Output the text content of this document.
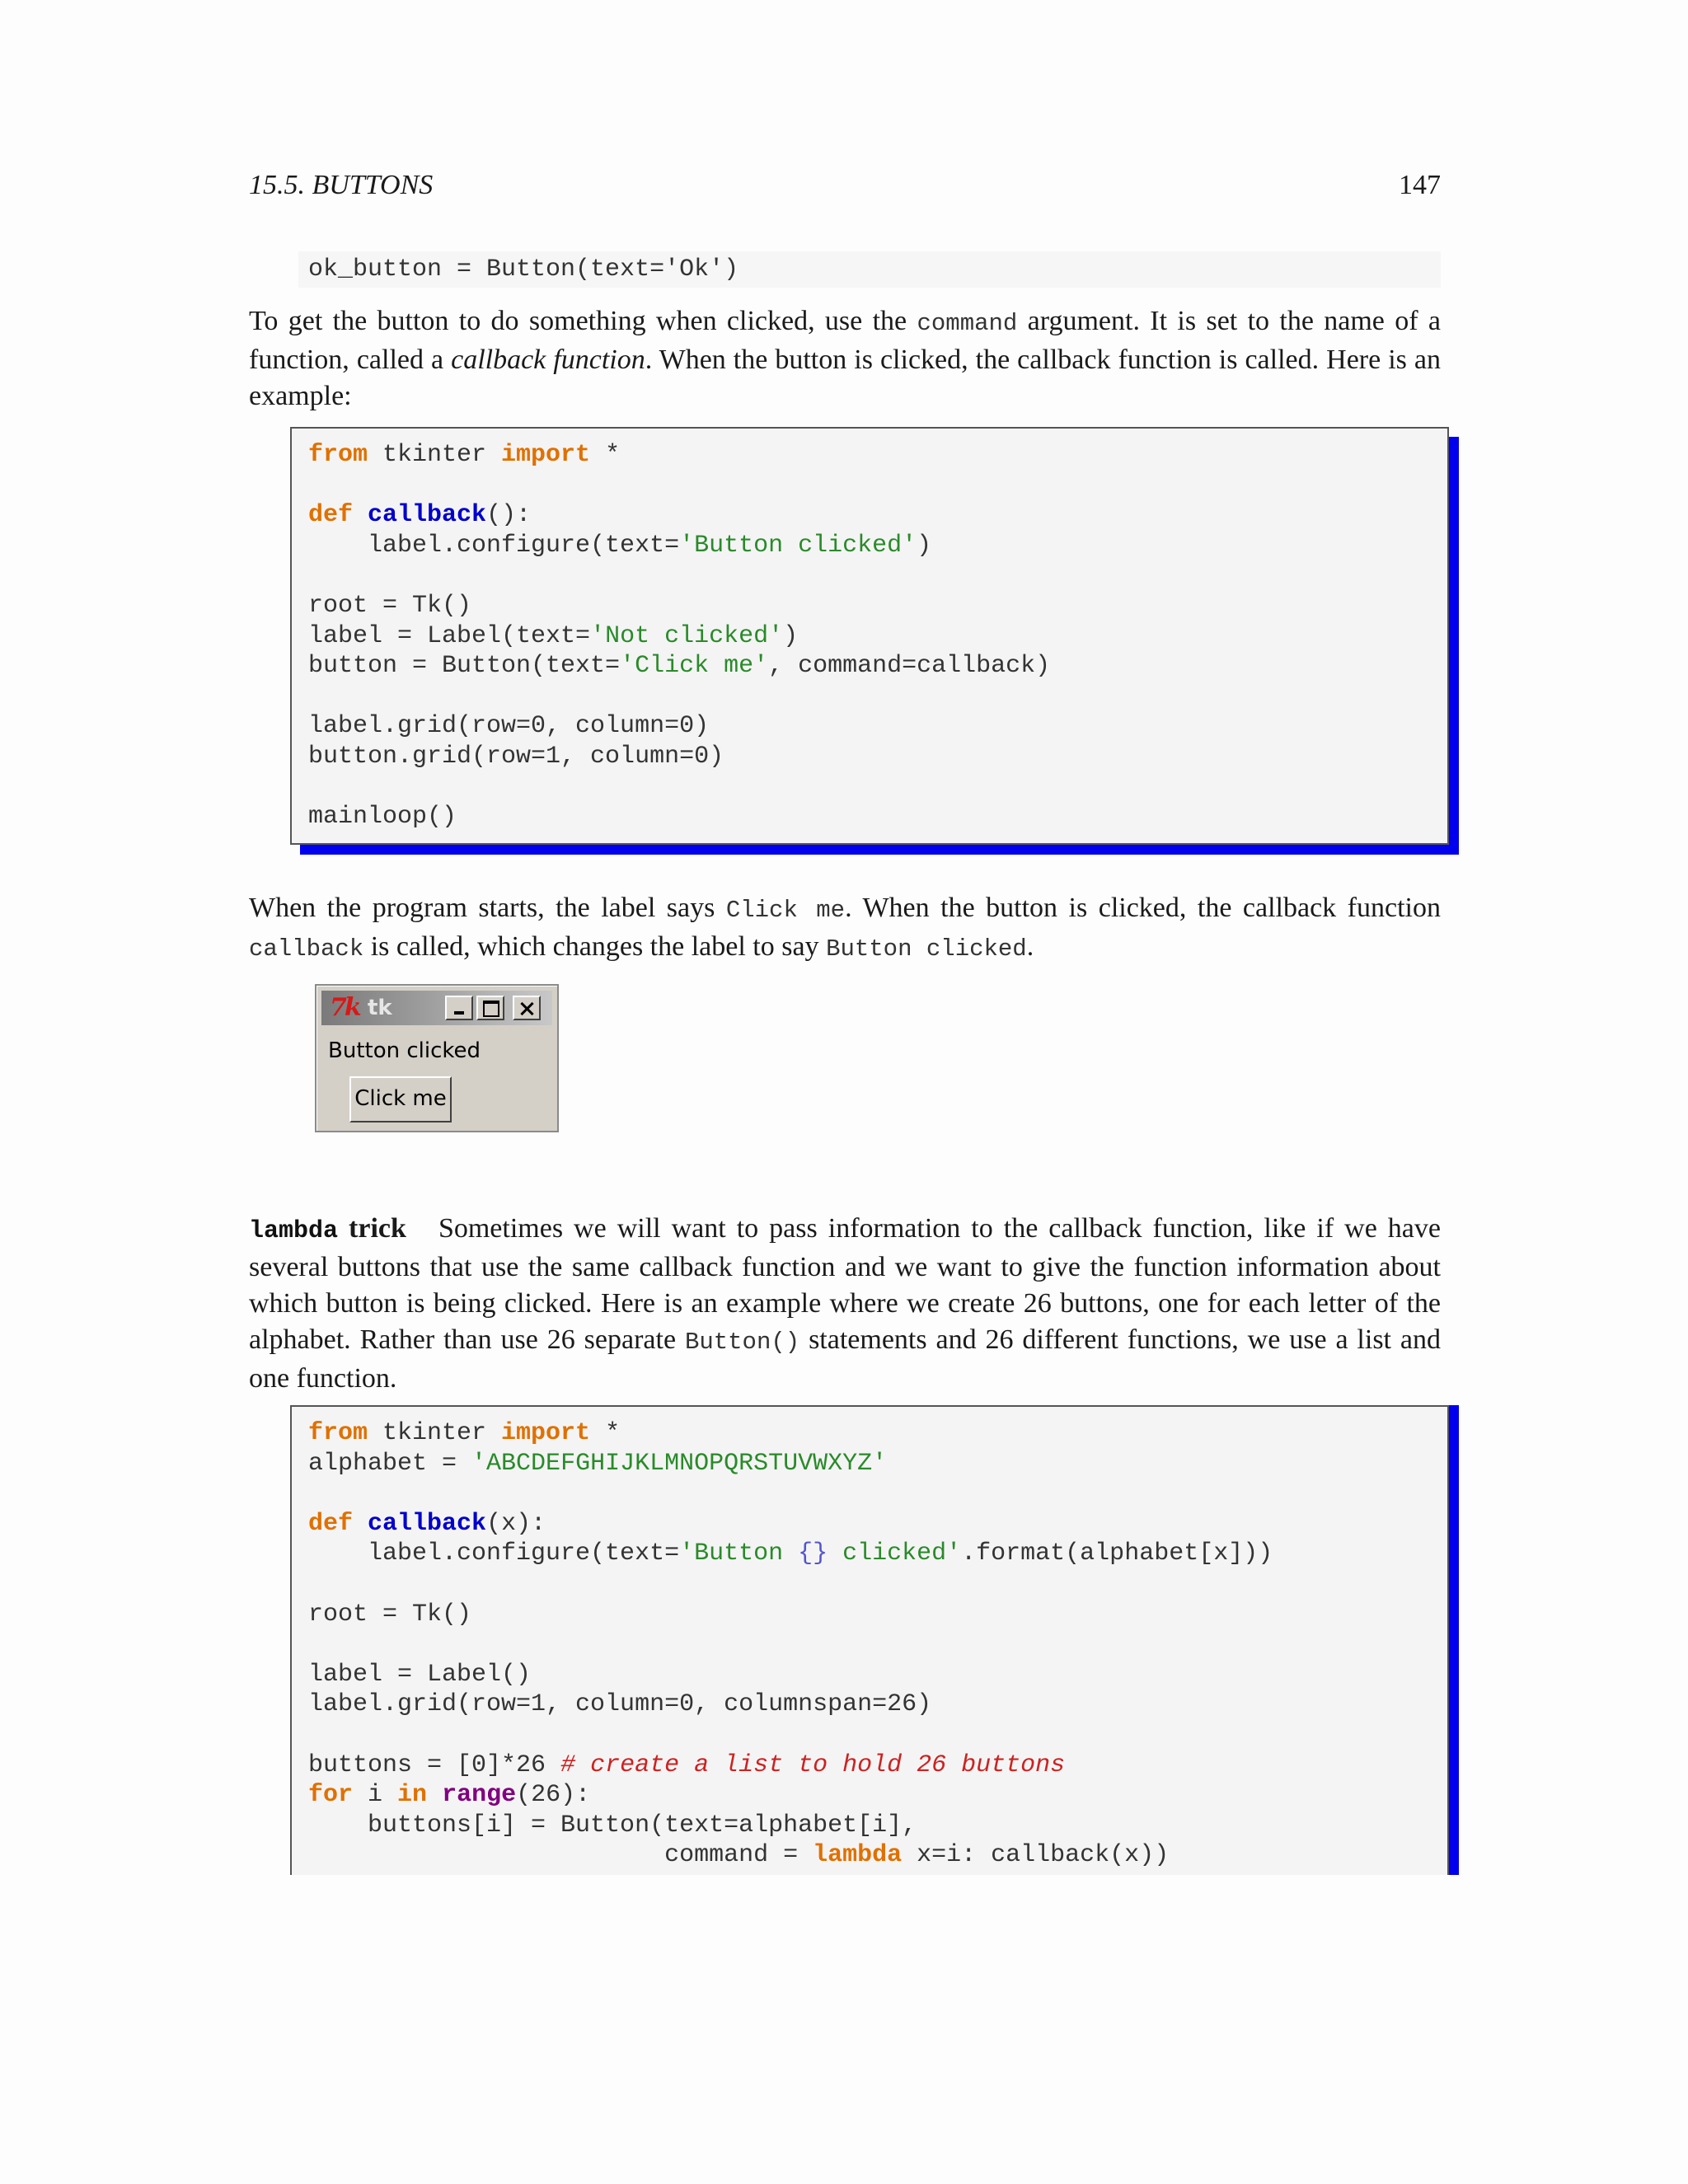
15.5. BUTTONS	147
ok_button = Button(text='Ok')

To get the button to do something when clicked, use the command argument. It is set to the name of a function, called a callback function. When the button is clicked, the callback function is called. Here is an example:

from tkinter import *
def callback():
label.configure(text='Button clicked')
root = Tk()
label = Label(text='Not clicked')
button = Button(text='Click me', command=callback)
label.grid(row=0, column=0)
button.grid(row=1, column=0)
mainloop()

When the program starts, the label says Click me. When the button is clicked, the callback function callback is called, which changes the label to say Button clicked.

7k tk
Button clicked
Click me

lambda trick   Sometimes we will want to pass information to the callback function, like if we have several buttons that use the same callback function and we want to give the function information about which button is being clicked. Here is an example where we create 26 buttons, one for each letter of the alphabet. Rather than use 26 separate Button() statements and 26 different functions, we use a list and one function.

from tkinter import *
alphabet = 'ABCDEFGHIJKLMNOPQRSTUVWXYZ'
def callback(x):
label.configure(text='Button {} clicked'.format(alphabet[x]))
root = Tk()
label = Label()
label.grid(row=1, column=0, columnspan=26)
buttons = [0]*26 # create a list to hold 26 buttons
for i in range(26):
buttons[i] = Button(text=alphabet[i],
command = lambda x=i: callback(x))
